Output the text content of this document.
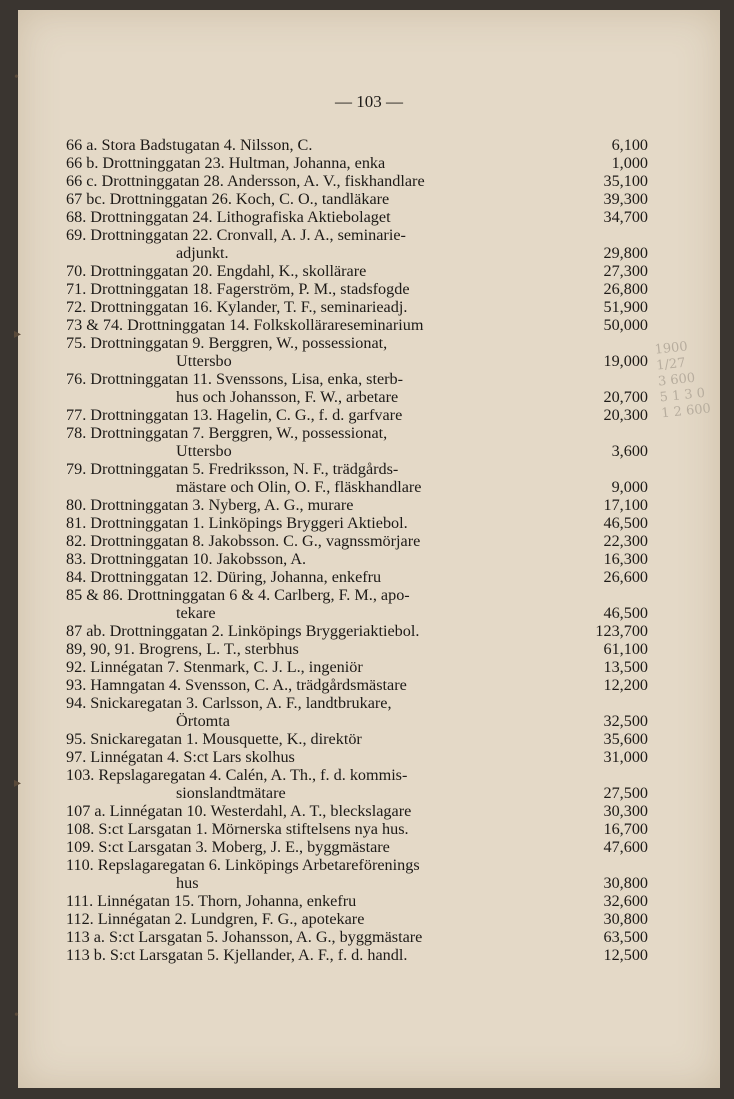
— 103 —
•
▸
▸
•
1900
1/27
3 600
5 1 3 0
1 2 600
66 a. Stora Badstugatan 4. Nilsson, C.	6,100
66 b. Drottninggatan 23. Hultman, Johanna, enka	1,000
66 c. Drottninggatan 28. Andersson, A. V., fiskhandlare	35,100
67 bc. Drottninggatan 26. Koch, C. O., tandläkare	39,300
68. Drottninggatan 24. Lithografiska Aktiebolaget	34,700
69. Drottninggatan 22. Cronvall, A. J. A., seminarie-
adjunkt.	29,800
70. Drottninggatan 20. Engdahl, K., skollärare	27,300
71. Drottninggatan 18. Fagerström, P. M., stadsfogde	26,800
72. Drottninggatan 16. Kylander, T. F., seminarieadj.	51,900
73 & 74. Drottninggatan 14. Folkskollärareseminarium	50,000
75. Drottninggatan 9. Berggren, W., possessionat,
Uttersbo	19,000
76. Drottninggatan 11. Svenssons, Lisa, enka, sterb-
hus och Johansson, F. W., arbetare	20,700
77. Drottninggatan 13. Hagelin, C. G., f. d. garfvare	20,300
78. Drottninggatan 7. Berggren, W., possessionat,
Uttersbo	3,600
79. Drottninggatan 5. Fredriksson, N. F., trädgårds-
mästare och Olin, O. F., fläskhandlare	9,000
80. Drottninggatan 3. Nyberg, A. G., murare	17,100
81. Drottninggatan 1. Linköpings Bryggeri Aktiebol.	46,500
82. Drottninggatan 8. Jakobsson. C. G., vagnssmörjare	22,300
83. Drottninggatan 10. Jakobsson, A.	16,300
84. Drottninggatan 12. Düring, Johanna, enkefru	26,600
85 & 86. Drottninggatan 6 & 4. Carlberg, F. M., apo-
tekare	46,500
87 ab. Drottninggatan 2. Linköpings Bryggeriaktiebol.	123,700
89, 90, 91. Brogrens, L. T., sterbhus	61,100
92. Linnégatan 7. Stenmark, C. J. L., ingeniör	13,500
93. Hamngatan 4. Svensson, C. A., trädgårdsmästare	12,200
94. Snickaregatan 3. Carlsson, A. F., landtbrukare,
Örtomta	32,500
95. Snickaregatan 1. Mousquette, K., direktör	35,600
97. Linnégatan 4. S:ct Lars skolhus	31,000
103. Repslagaregatan 4. Calén, A. Th., f. d. kommis-
sionslandtmätare	27,500
107 a. Linnégatan 10. Westerdahl, A. T., bleckslagare	30,300
108. S:ct Larsgatan 1. Mörnerska stiftelsens nya hus.	16,700
109. S:ct Larsgatan 3. Moberg, J. E., byggmästare	47,600
110. Repslagaregatan 6. Linköpings Arbetareförenings
hus	30,800
111. Linnégatan 15. Thorn, Johanna, enkefru	32,600
112. Linnégatan 2. Lundgren, F. G., apotekare	30,800
113 a. S:ct Larsgatan 5. Johansson, A. G., byggmästare	63,500
113 b. S:ct Larsgatan 5. Kjellander, A. F., f. d. handl.	12,500
